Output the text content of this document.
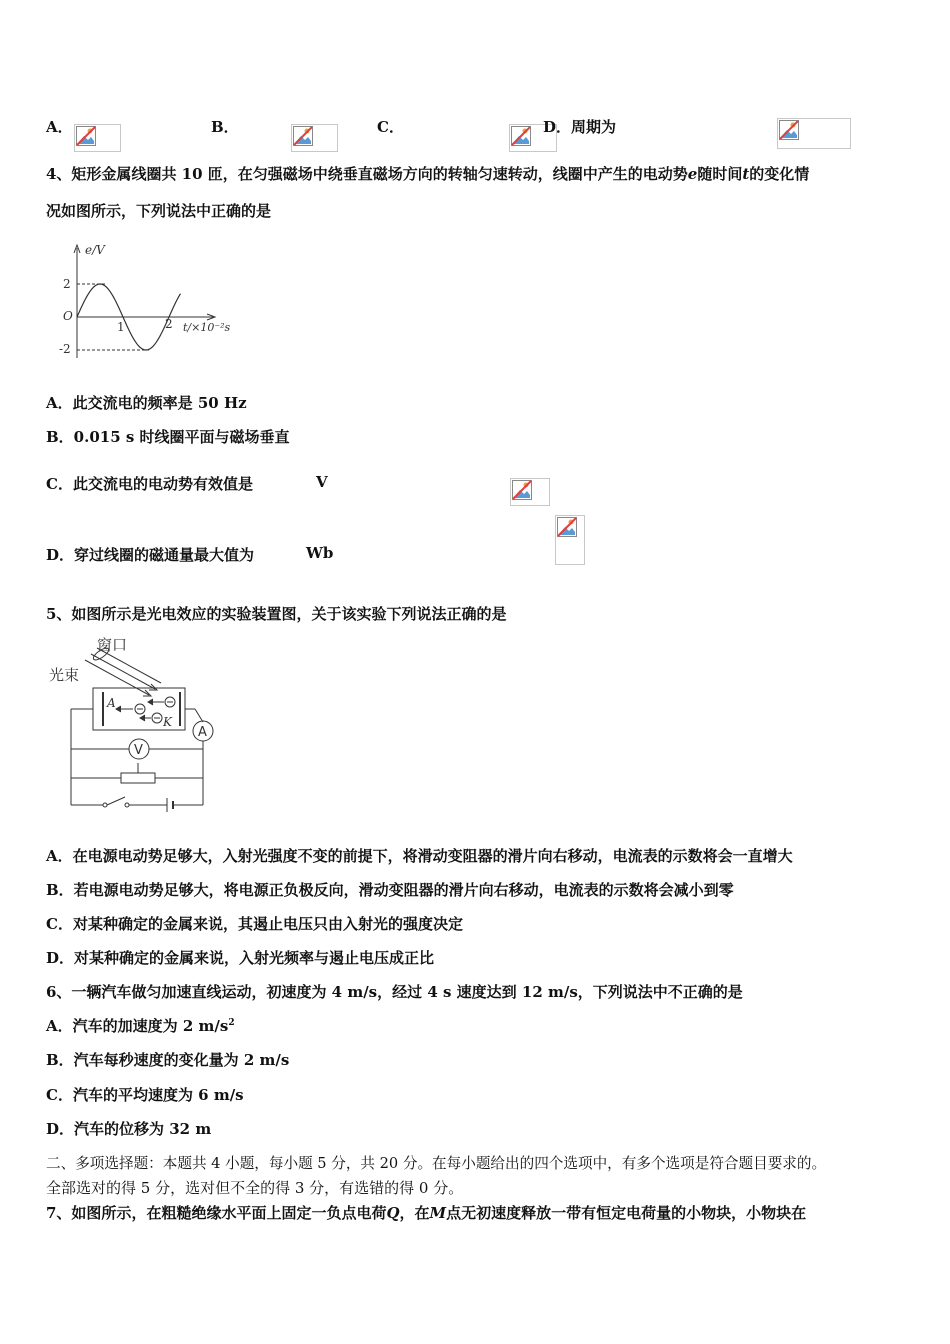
A．
	B．
	C．
	D．周期为

4、矩形金属线圈共 10 匝，在匀强磁场中绕垂直磁场方向的转轴匀速转动，线圈中产生的电动势e随时间t的变化情
况如图所示，下列说法中正确的是
e/V
2
-2
O
1	2 t/×10⁻²s
A．此交流电的频率是 50 Hz
B．0.015 s 时线圈平面与磁场垂直
C．此交流电的电动势有效值是
	V
D．穿过线圈的磁通量最大值为	Wb
5、如图所示是光电效应的实验装置图，关于该实验下列说法正确的是
窗口
光束
A
K
A
V
A．在电源电动势足够大，入射光强度不变的前提下，将滑动变阻器的滑片向右移动，电流表的示数将会一直增大
B．若电源电动势足够大，将电源正负极反向，滑动变阻器的滑片向右移动，电流表的示数将会减小到零
C．对某种确定的金属来说，其遏止电压只由入射光的强度决定
D．对某种确定的金属来说，入射光频率与遏止电压成正比
6、一辆汽车做匀加速直线运动，初速度为 4 m/s，经过 4 s 速度达到 12 m/s，下列说法中不正确的是
A．汽车的加速度为 2 $m/s^2$
B．汽车每秒速度的变化量为 2 m/s
C．汽车的平均速度为 6 m/s
D．汽车的位移为 32 m
二、多项选择题：本题共 4 小题，每小题 5 分，共 20 分。在每小题给出的四个选项中，有多个选项是符合题目要求的。
全部选对的得 5 分，选对但不全的得 3 分，有选错的得 0 分。
7、如图所示，在粗糙绝缘水平面上固定一负点电荷Q，在M点无初速度释放一带有恒定电荷量的小物块，小物块在
